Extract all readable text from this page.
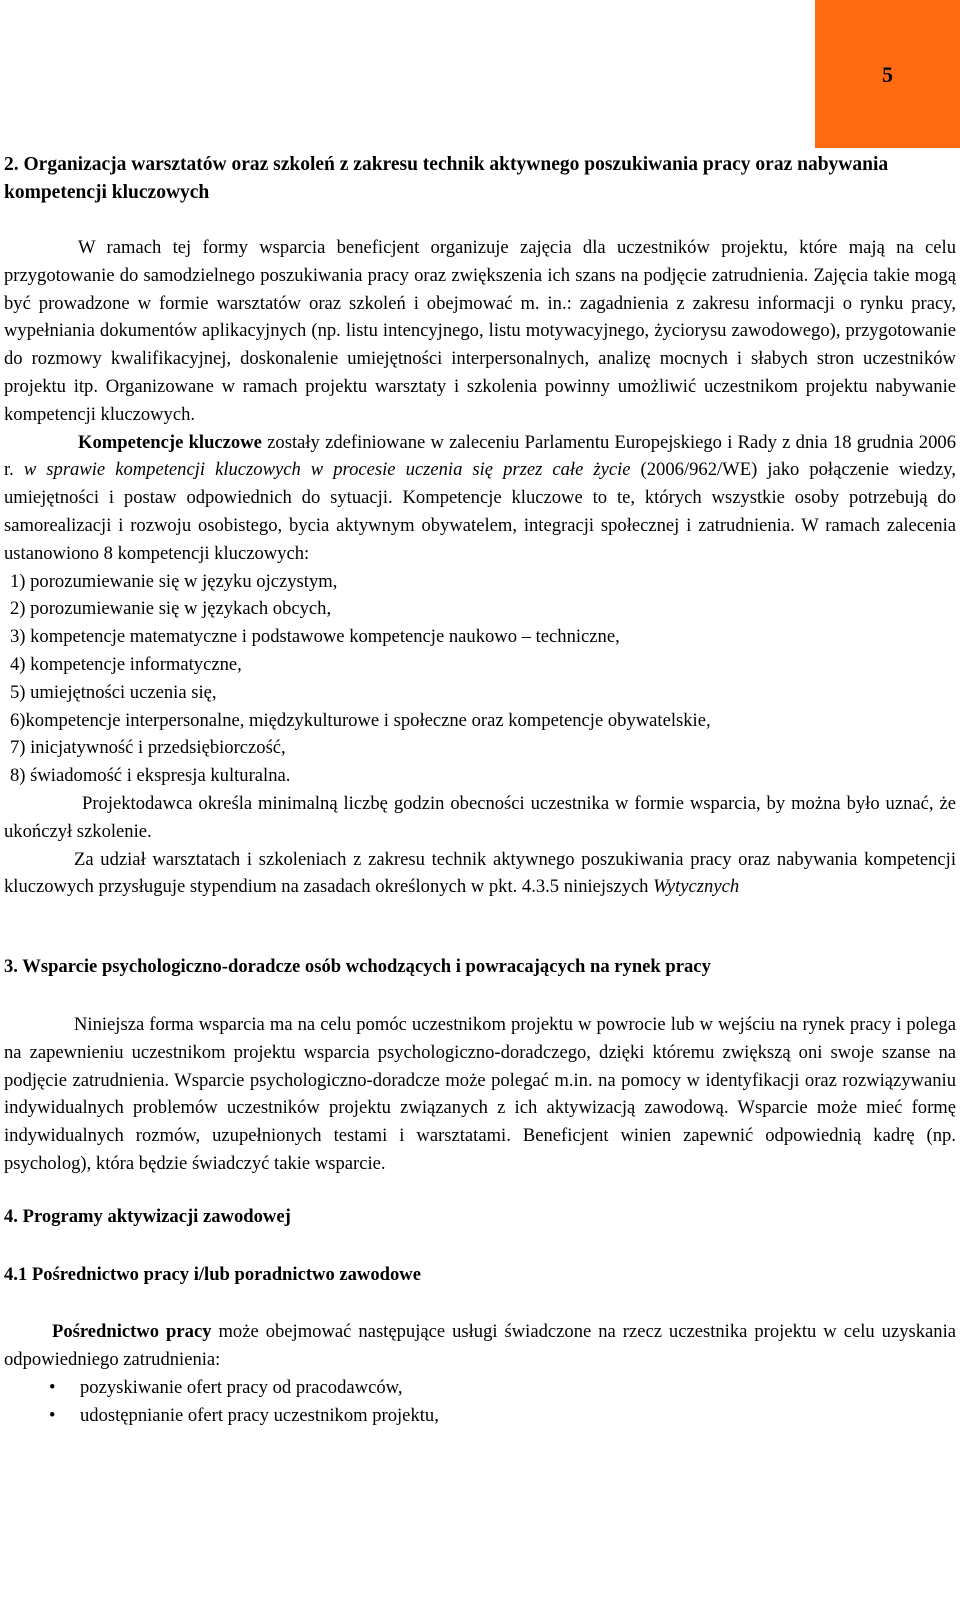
5

2. Organizacja warsztatów oraz szkoleń z zakresu technik aktywnego poszukiwania pracy oraz nabywania kompetencji kluczowych

W ramach tej formy wsparcia beneficjent organizuje zajęcia dla uczestników projektu, które mają na celu przygotowanie do samodzielnego poszukiwania pracy oraz zwiększenia ich szans na podjęcie zatrudnienia. Zajęcia takie mogą być prowadzone w formie warsztatów oraz szkoleń i obejmować m. in.: zagadnienia z zakresu informacji o rynku pracy, wypełniania dokumentów aplikacyjnych (np. listu intencyjnego, listu motywacyjnego, życiorysu zawodowego), przygotowanie do rozmowy kwalifikacyjnej, doskonalenie umiejętności interpersonalnych, analizę mocnych i słabych stron uczestników projektu itp. Organizowane w ramach projektu warsztaty i szkolenia powinny umożliwić uczestnikom projektu nabywanie kompetencji kluczowych.

Kompetencje kluczowe zostały zdefiniowane w zaleceniu Parlamentu Europejskiego i Rady z dnia 18 grudnia 2006 r. w sprawie kompetencji kluczowych w procesie uczenia się przez całe życie (2006/962/WE) jako połączenie wiedzy, umiejętności i postaw odpowiednich do sytuacji. Kompetencje kluczowe to te, których wszystkie osoby potrzebują do samorealizacji i rozwoju osobistego, bycia aktywnym obywatelem, integracji społecznej i zatrudnienia. W ramach zalecenia ustanowiono 8 kompetencji kluczowych:

1) porozumiewanie się w języku ojczystym,
2) porozumiewanie się w językach obcych,
3) kompetencje matematyczne i podstawowe kompetencje naukowo – techniczne,
4) kompetencje informatyczne,
5) umiejętności uczenia się,
6)kompetencje interpersonalne, międzykulturowe i społeczne oraz kompetencje obywatelskie,
7) inicjatywność i przedsiębiorczość,
8) świadomość i ekspresja kulturalna.

Projektodawca określa minimalną liczbę godzin obecności uczestnika w formie wsparcia, by można było uznać, że ukończył szkolenie.

Za udział warsztatach i szkoleniach z zakresu technik aktywnego poszukiwania pracy oraz nabywania kompetencji kluczowych przysługuje stypendium na zasadach określonych w pkt. 4.3.5 niniejszych Wytycznych

3. Wsparcie psychologiczno-doradcze osób wchodzących i powracających na rynek pracy

Niniejsza forma wsparcia ma na celu pomóc uczestnikom projektu w powrocie lub w wejściu na rynek pracy i polega na zapewnieniu uczestnikom projektu wsparcia psychologiczno-doradczego, dzięki któremu zwiększą oni swoje szanse na podjęcie zatrudnienia. Wsparcie psychologiczno-doradcze może polegać m.in. na pomocy w identyfikacji oraz rozwiązywaniu indywidualnych problemów uczestników projektu związanych z ich aktywizacją zawodową. Wsparcie może mieć formę indywidualnych rozmów, uzupełnionych testami i warsztatami. Beneficjent winien zapewnić odpowiednią kadrę (np. psycholog), która będzie świadczyć takie wsparcie.

4. Programy aktywizacji zawodowej

4.1 Pośrednictwo pracy i/lub poradnictwo zawodowe

Pośrednictwo pracy może obejmować następujące usługi świadczone na rzecz uczestnika projektu w celu uzyskania odpowiedniego zatrudnienia:

• pozyskiwanie ofert pracy od pracodawców,
• udostępnianie ofert pracy uczestnikom projektu,
